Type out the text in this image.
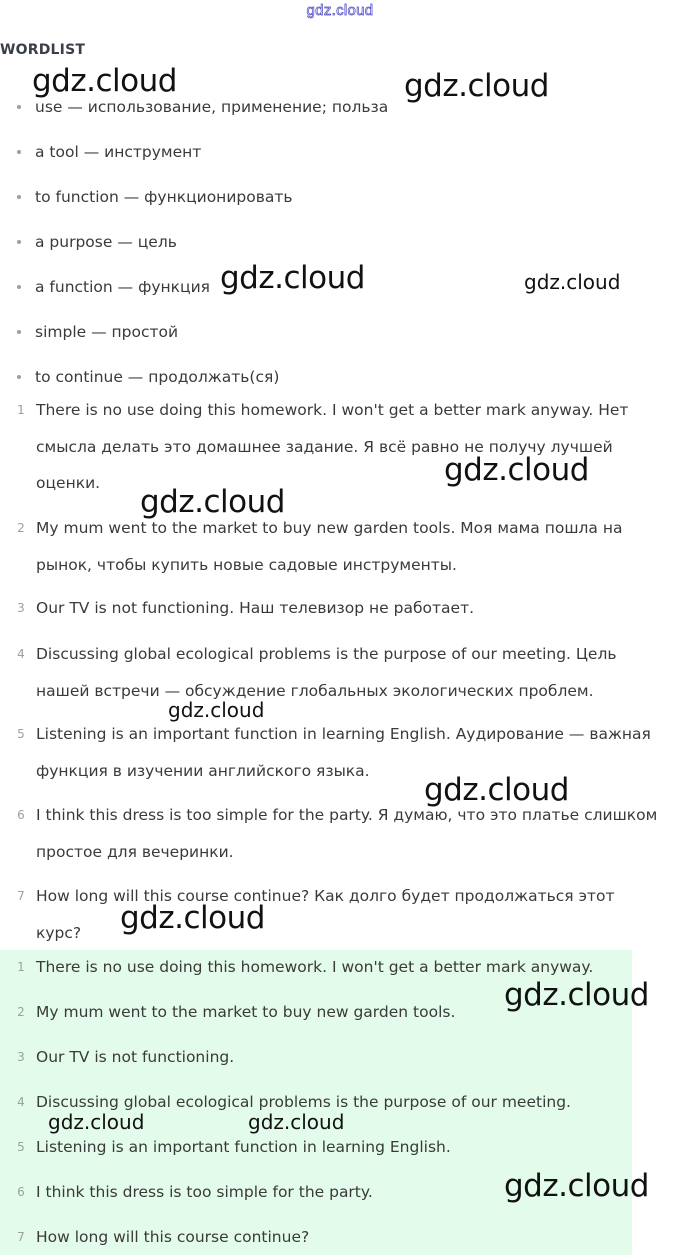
gdz.cloud
WORDLIST
use — использование, применение; польза
a tool — инструмент
to function — функционировать
a purpose — цель
a function — функция
simple — простой
to continue — продолжать(ся)
1 There is no use doing this homework. I won't get a better mark anyway. Нет смысла делать это домашнее задание. Я всё равно не получу лучшей оценки.
2 My mum went to the market to buy new garden tools. Моя мама пошла на рынок, чтобы купить новые садовые инструменты.
3 Our TV is not functioning. Наш телевизор не работает.
4 Discussing global ecological problems is the purpose of our meeting. Цель нашей встречи — обсуждение глобальных экологических проблем.
5 Listening is an important function in learning English. Аудирование — важная функция в изучении английского языка.
6 I think this dress is too simple for the party. Я думаю, что это платье слишком простое для вечеринки.
7 How long will this course continue? Как долго будет продолжаться этот курс?
1 There is no use doing this homework. I won't get a better mark anyway.
2 My mum went to the market to buy new garden tools.
3 Our TV is not functioning.
4 Discussing global ecological problems is the purpose of our meeting.
5 Listening is an important function in learning English.
6 I think this dress is too simple for the party.
7 How long will this course continue?
gdz.cloud	gdz.cloud
gdz.cloud	gdz.cloud
gdz.cloud
gdz.cloud
gdz.cloud
gdz.cloud
gdz.cloud
gdz.cloud
gdz.cloud	gdz.cloud
gdz.cloud
